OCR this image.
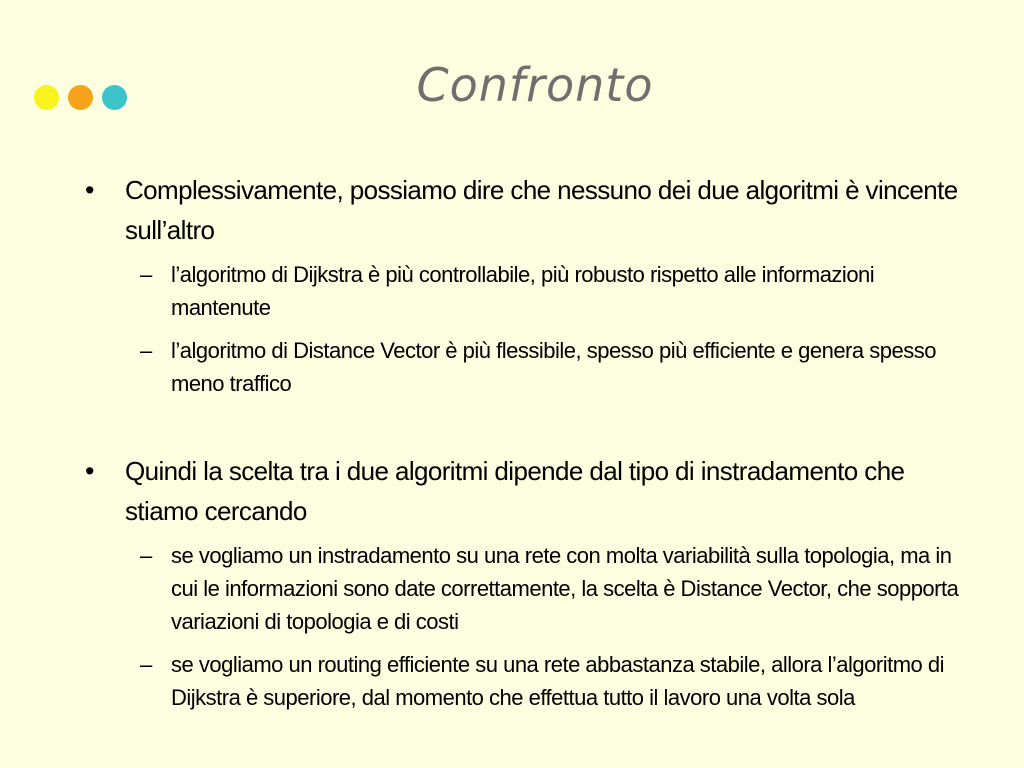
Confronto
• Complessivamente, possiamo dire che nessuno dei due algoritmi è vincente sull’altro
– l’algoritmo di Dijkstra è più controllabile, più robusto rispetto alle informazioni mantenute
– l’algoritmo di Distance Vector è più flessibile, spesso più efficiente e genera spesso meno traffico
• Quindi la scelta tra i due algoritmi dipende dal tipo di instradamento che stiamo cercando
– se vogliamo un instradamento su una rete con molta variabilità sulla topologia, ma in cui le informazioni sono date correttamente, la scelta è Distance Vector, che sopporta variazioni di topologia e di costi
– se vogliamo un routing efficiente su una rete abbastanza stabile, allora l’algoritmo di Dijkstra è superiore, dal momento che effettua tutto il lavoro una volta sola
